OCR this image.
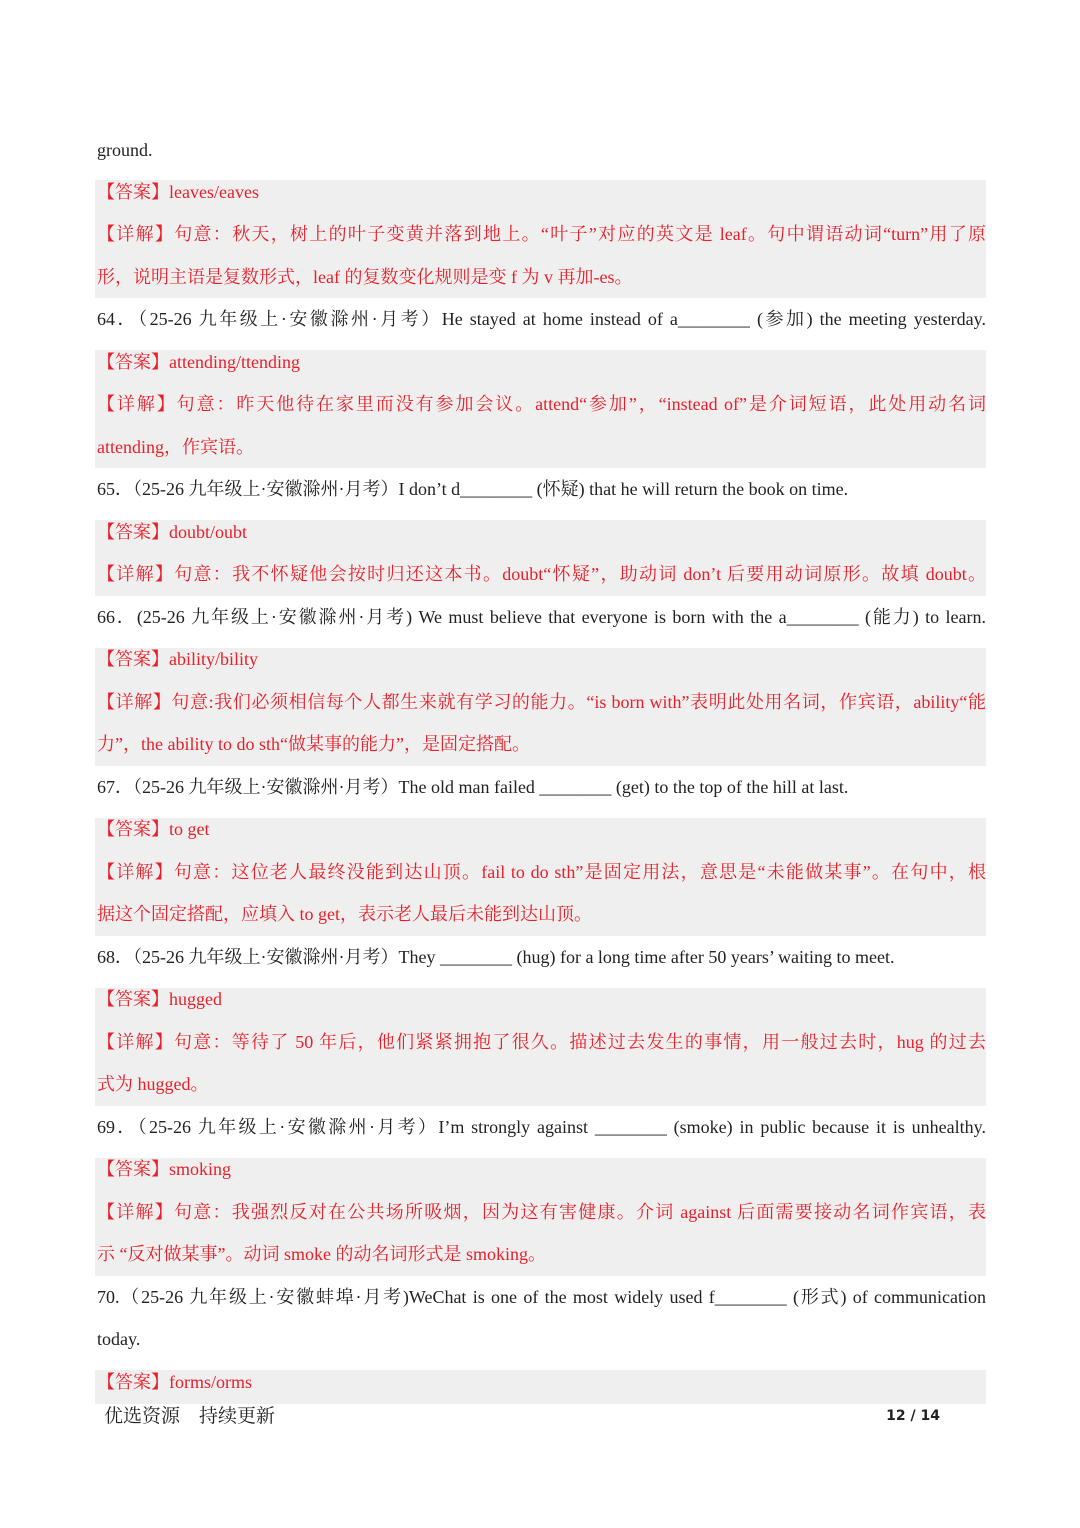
ground.
【答案】leaves/eaves
【详解】句意：秋天，树上的叶子变黄并落到地上。“叶子”对应的英文是 leaf。句中谓语动词“turn”用了原
形，说明主语是复数形式，leaf 的复数变化规则是变 f 为 v 再加-es。
64．（25-26 九年级上·安徽滁州·月考）He stayed at home instead of a________ (参加) the meeting yesterday.
【答案】attending/ttending
【详解】句意：昨天他待在家里而没有参加会议。attend“参加”，“instead of”是介词短语，此处用动名词
attending，作宾语。
65．（25-26 九年级上·安徽滁州·月考）I don’t d________ (怀疑) that he will return the book on time.
【答案】doubt/oubt
【详解】句意：我不怀疑他会按时归还这本书。doubt“怀疑”，助动词 don’t 后要用动词原形。故填 doubt。
66．(25-26 九年级上·安徽滁州·月考) We must believe that everyone is born with the a________ (能力) to learn.
【答案】ability/bility
【详解】句意:我们必须相信每个人都生来就有学习的能力。“is born with”表明此处用名词，作宾语，ability“能
力”，the ability to do sth“做某事的能力”，是固定搭配。
67．（25-26 九年级上·安徽滁州·月考）The old man failed ________ (get) to the top of the hill at last.
【答案】to get
【详解】句意：这位老人最终没能到达山顶。fail to do sth”是固定用法，意思是“未能做某事”。在句中，根
据这个固定搭配，应填入 to get，表示老人最后未能到达山顶。
68．（25-26 九年级上·安徽滁州·月考）They ________ (hug) for a long time after 50 years’ waiting to meet.
【答案】hugged
【详解】句意：等待了 50 年后，他们紧紧拥抱了很久。描述过去发生的事情，用一般过去时，hug 的过去
式为 hugged。
69．（25-26 九年级上·安徽滁州·月考）I’m strongly against ________ (smoke) in public because it is unhealthy.
【答案】smoking
【详解】句意：我强烈反对在公共场所吸烟，因为这有害健康。介词 against 后面需要接动名词作宾语，表
示 “反对做某事”。动词 smoke 的动名词形式是 smoking。
70.（25-26 九年级上·安徽蚌埠·月考)WeChat is one of the most widely used f________ (形式) of communication
today.
【答案】forms/orms
优选资源　持续更新	12 / 14
